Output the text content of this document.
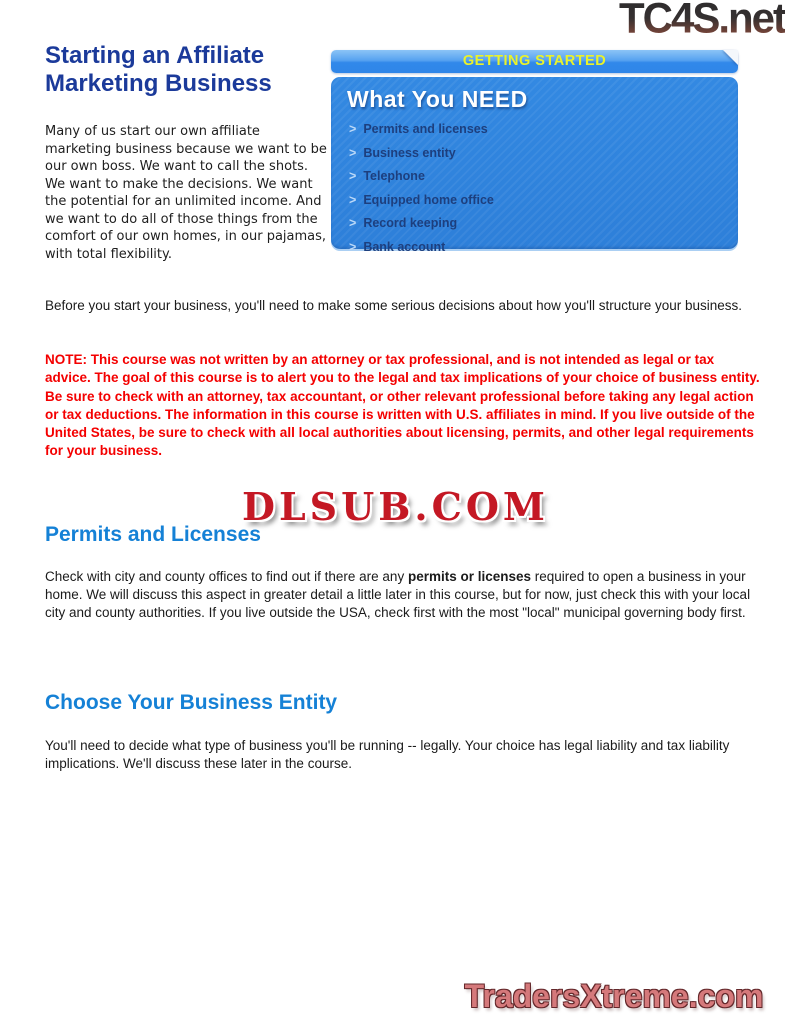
TC4S.net
Starting an Affiliate Marketing Business
Many of us start our own affiliate marketing business because we want to be our own boss. We want to call the shots. We want to make the decisions. We want the potential for an unlimited income. And we want to do all of those things from the comfort of our own homes, in our pajamas, with total flexibility.
GETTING STARTED
What You NEED
> Permits and licenses
> Business entity
> Telephone
> Equipped home office
> Record keeping
> Bank account
Before you start your business, you'll need to make some serious decisions about how you'll structure your business.
NOTE: This course was not written by an attorney or tax professional, and is not intended as legal or tax advice. The goal of this course is to alert you to the legal and tax implications of your choice of business entity. Be sure to check with an attorney, tax accountant, or other relevant professional before taking any legal action or tax deductions. The information in this course is written with U.S. affiliates in mind. If you live outside of the United States, be sure to check with all local authorities about licensing, permits, and other legal requirements for your business.
DLSUB.COM
Permits and Licenses
Check with city and county offices to find out if there are any permits or licenses required to open a business in your home. We will discuss this aspect in greater detail a little later in this course, but for now, just check this with your local city and county authorities. If you live outside the USA, check first with the most "local" municipal governing body first.
Choose Your Business Entity
You'll need to decide what type of business you'll be running -- legally. Your choice has legal liability and tax liability implications. We'll discuss these later in the course.
TradersXtreme.com
